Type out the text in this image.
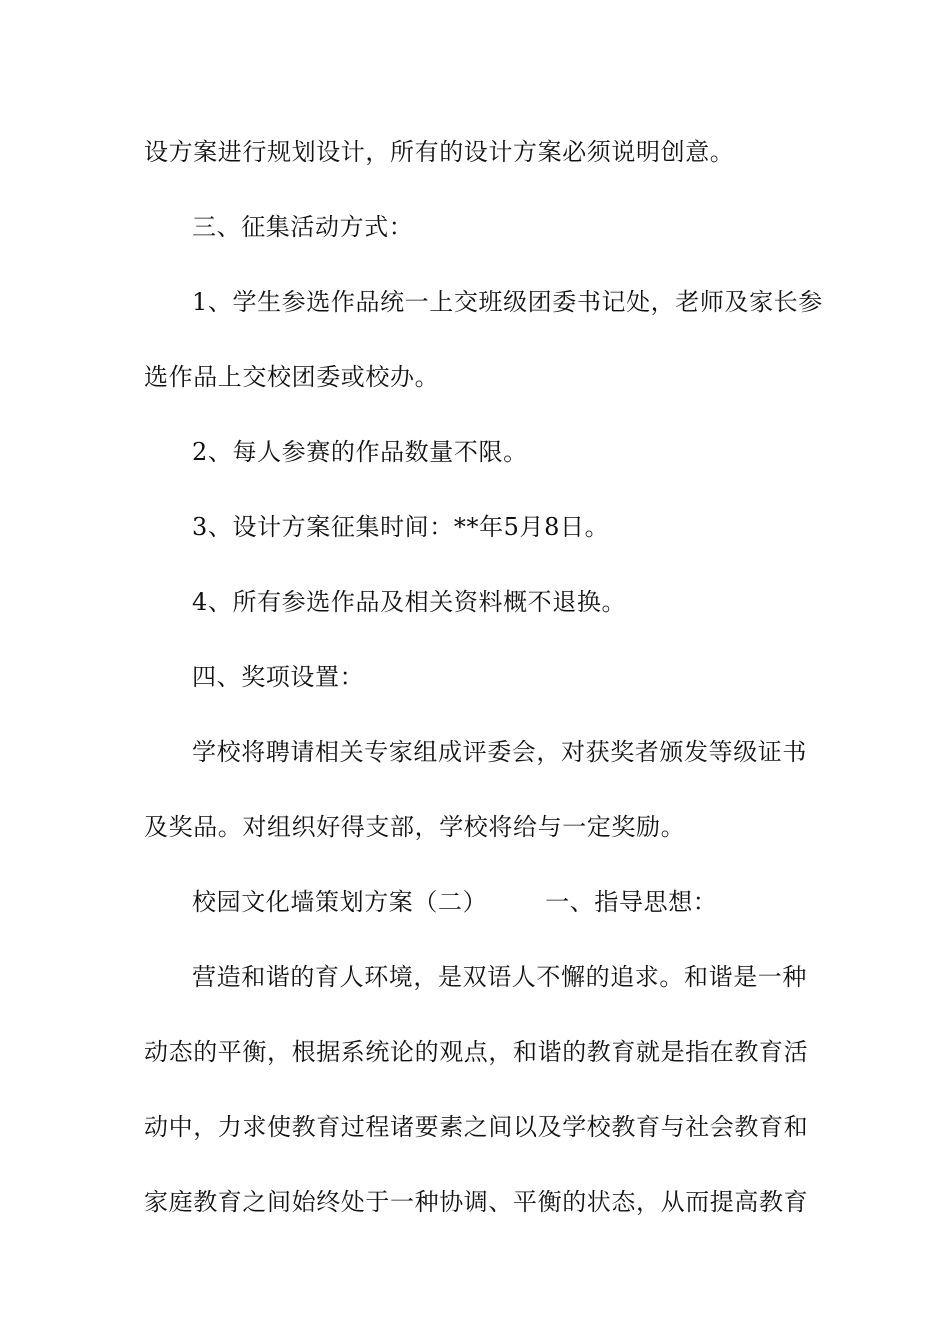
设方案进行规划设计，所有的设计方案必须说明创意。
三、征集活动方式：
1、学生参选作品统一上交班级团委书记处，老师及家长参
选作品上交校团委或校办。
2、每人参赛的作品数量不限。
3、设计方案征集时间：**年5月8日。
4、所有参选作品及相关资料概不退换。
四、奖项设置：
学校将聘请相关专家组成评委会，对获奖者颁发等级证书
及奖品。对组织好得支部，学校将给与一定奖励。
校园文化墙策划方案（二） 一、指导思想：
营造和谐的育人环境，是双语人不懈的追求。和谐是一种
动态的平衡，根据系统论的观点，和谐的教育就是指在教育活
动中，力求使教育过程诸要素之间以及学校教育与社会教育和
家庭教育之间始终处于一种协调、平衡的状态，从而提高教育
